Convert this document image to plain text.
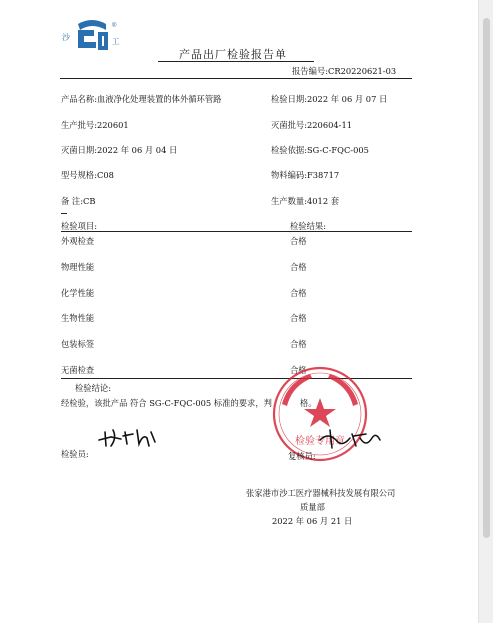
沙
®
工
产品出厂检验报告单
报告编号:CR20220621-03
产品名称:血液净化处理装置的体外循环管路	检验日期:2022 年 06 月 07 日
生产批号:220601	灭菌批号:220604-11
灭菌日期:2022 年 06 月 04 日	检验依据:SG-C-FQC-005
型号规格:C08	物料编码:F38717
备 注:CB	生产数量:4012 套
检验项目:	检验结果:
外观检查	合格
物理性能	合格
化学性能	合格
生物性能	合格
包装标签	合格
无菌检查	合格
检验结论:
经检验，该批产品 符合 SG-C-FQC-005 标准的要求，判	格。
检验专用章
检验员:	复核员:
张家港市沙工医疗器械科技发展有限公司
质量部
2022 年 06 月 21 日
